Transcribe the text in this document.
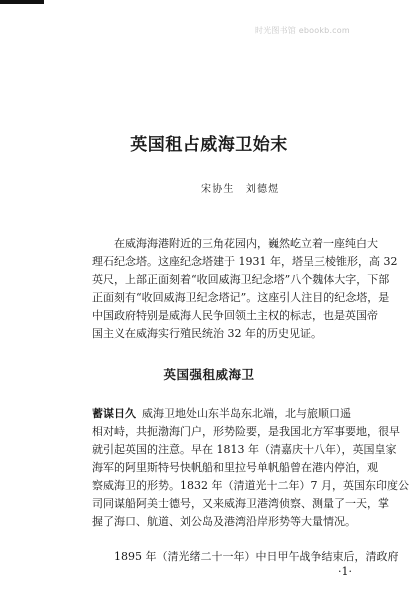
时光图书馆 ebookb.com
英国租占威海卫始末
宋协生　刘德煜
在威海海港附近的三角花园内，巍然屹立着一座纯白大
理石纪念塔。这座纪念塔建于 1931 年，塔呈三棱锥形，高 32
英尺，上部正面刻着“收回威海卫纪念塔”八个魏体大字，下部
正面刻有“收回威海卫纪念塔记”。这座引人注目的纪念塔，是
中国政府特别是威海人民争回领土主权的标志，也是英国帝
国主义在威海实行殖民统治 32 年的历史见证。
英国强租威海卫
蓄谋日久 威海卫地处山东半岛东北端，北与旅顺口遥
相对峙，共扼渤海门户，形势险要，是我国北方军事要地，很早
就引起英国的注意。早在 1813 年（清嘉庆十八年），英国皇家
海军的阿里斯特号快帆船和里拉号单帆船曾在港内停泊，观
察威海卫的形势。1832 年（清道光十二年）7 月，英国东印度公
司同谋船阿美士德号，又来威海卫港湾侦察、测量了一天，掌
握了海口、航道、刘公岛及港湾沿岸形势等大量情况。
1895 年（清光绪二十一年）中日甲午战争结束后，清政府
·1·
